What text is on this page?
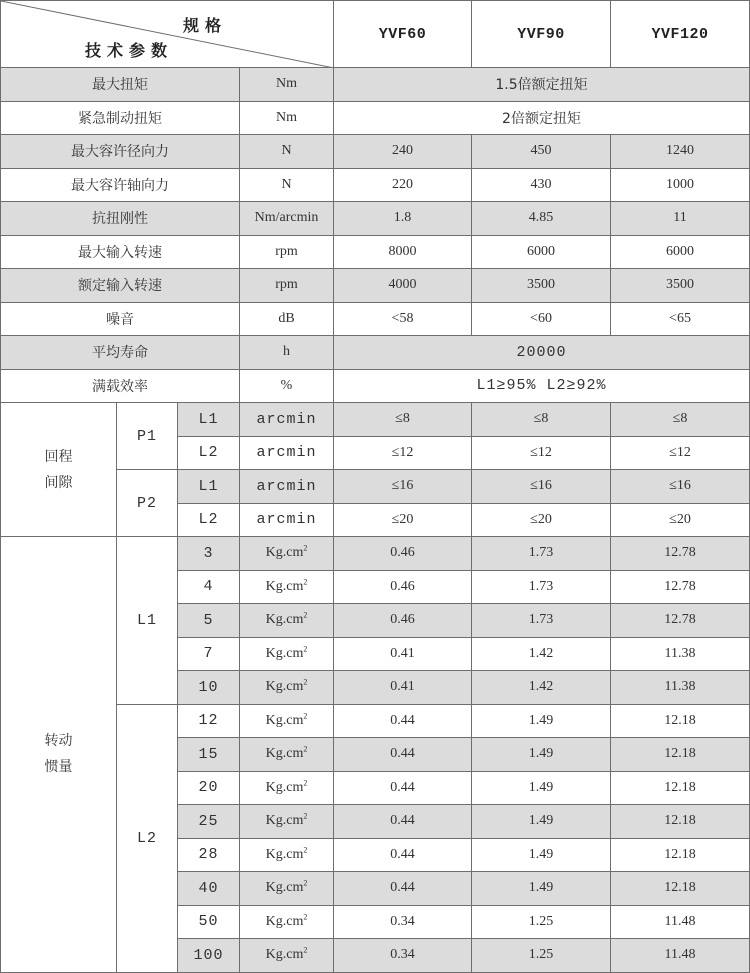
规格
技术参数				YVF60	YVF90	YVF120
最大扭矩			Nm	1.5倍额定扭矩		
紧急制动扭矩			Nm	2倍额定扭矩		
最大容许径向力			N	240	450	1240
最大容许轴向力			N	220	430	1000
抗扭刚性			Nm/arcmin	1.8	4.85	11
最大输入转速			rpm	8000	6000	6000
额定输入转速			rpm	4000	3500	3500
噪音			dB	<58	<60	<65
平均寿命			h	20000		
满载效率			%	L1≥95% L2≥92%		

回程
间隙	P1	L1	arcmin	≤8	≤8	≤8
		L2	arcmin	≤12	≤12	≤12
	P2	L1	arcmin	≤16	≤16	≤16
		L2	arcmin	≤20	≤20	≤20

转动
惯量	L1	3	$Kg.cm^2$	0.46	1.73	12.78
		4	$Kg.cm^2$	0.46	1.73	12.78
		5	$Kg.cm^2$	0.46	1.73	12.78
		7	$Kg.cm^2$	0.41	1.42	11.38
		10	$Kg.cm^2$	0.41	1.42	11.38
	L2	12	$Kg.cm^2$	0.44	1.49	12.18
		15	$Kg.cm^2$	0.44	1.49	12.18
		20	$Kg.cm^2$	0.44	1.49	12.18
		25	$Kg.cm^2$	0.44	1.49	12.18
		28	$Kg.cm^2$	0.44	1.49	12.18
		40	$Kg.cm^2$	0.44	1.49	12.18
		50	$Kg.cm^2$	0.34	1.25	11.48
		100	$Kg.cm^2$	0.34	1.25	11.48
